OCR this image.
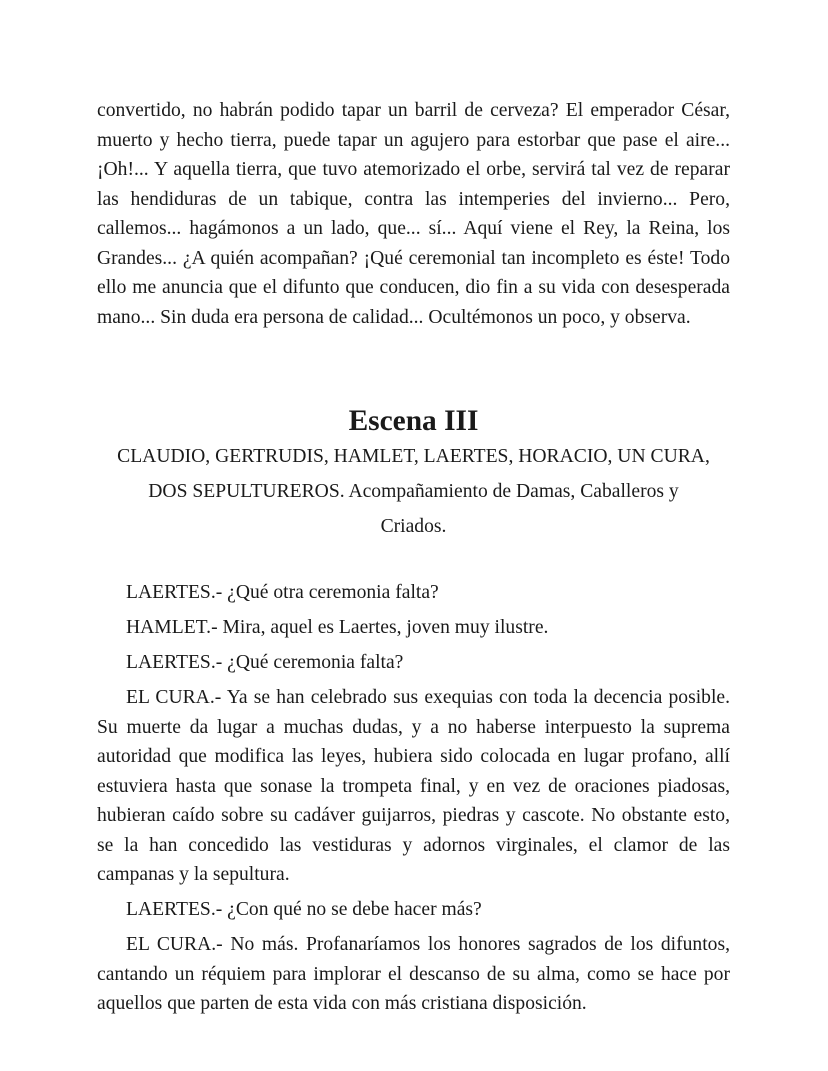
convertido, no habrán podido tapar un barril de cerveza? El emperador César, muerto y hecho tierra, puede tapar un agujero para estorbar que pase el aire... ¡Oh!... Y aquella tierra, que tuvo atemorizado el orbe, servirá tal vez de reparar las hendiduras de un tabique, contra las intemperies del invierno... Pero, callemos... hagámonos a un lado, que... sí... Aquí viene el Rey, la Reina, los Grandes... ¿A quién acompañan? ¡Qué ceremonial tan incompleto es éste! Todo ello me anuncia que el difunto que conducen, dio fin a su vida con desesperada mano... Sin duda era persona de calidad... Ocultémonos un poco, y observa.

Escena III

CLAUDIO, GERTRUDIS, HAMLET, LAERTES, HORACIO, UN CURA, DOS SEPULTUREROS. Acompañamiento de Damas, Caballeros y Criados.

LAERTES.- ¿Qué otra ceremonia falta?

HAMLET.- Mira, aquel es Laertes, joven muy ilustre.

LAERTES.- ¿Qué ceremonia falta?

EL CURA.- Ya se han celebrado sus exequias con toda la decencia posible. Su muerte da lugar a muchas dudas, y a no haberse interpuesto la suprema autoridad que modifica las leyes, hubiera sido colocada en lugar profano, allí estuviera hasta que sonase la trompeta final, y en vez de oraciones piadosas, hubieran caído sobre su cadáver guijarros, piedras y cascote. No obstante esto, se la han concedido las vestiduras y adornos virginales, el clamor de las campanas y la sepultura.

LAERTES.- ¿Con qué no se debe hacer más?

EL CURA.- No más. Profanaríamos los honores sagrados de los difuntos, cantando un réquiem para implorar el descanso de su alma, como se hace por aquellos que parten de esta vida con más cristiana disposición.
